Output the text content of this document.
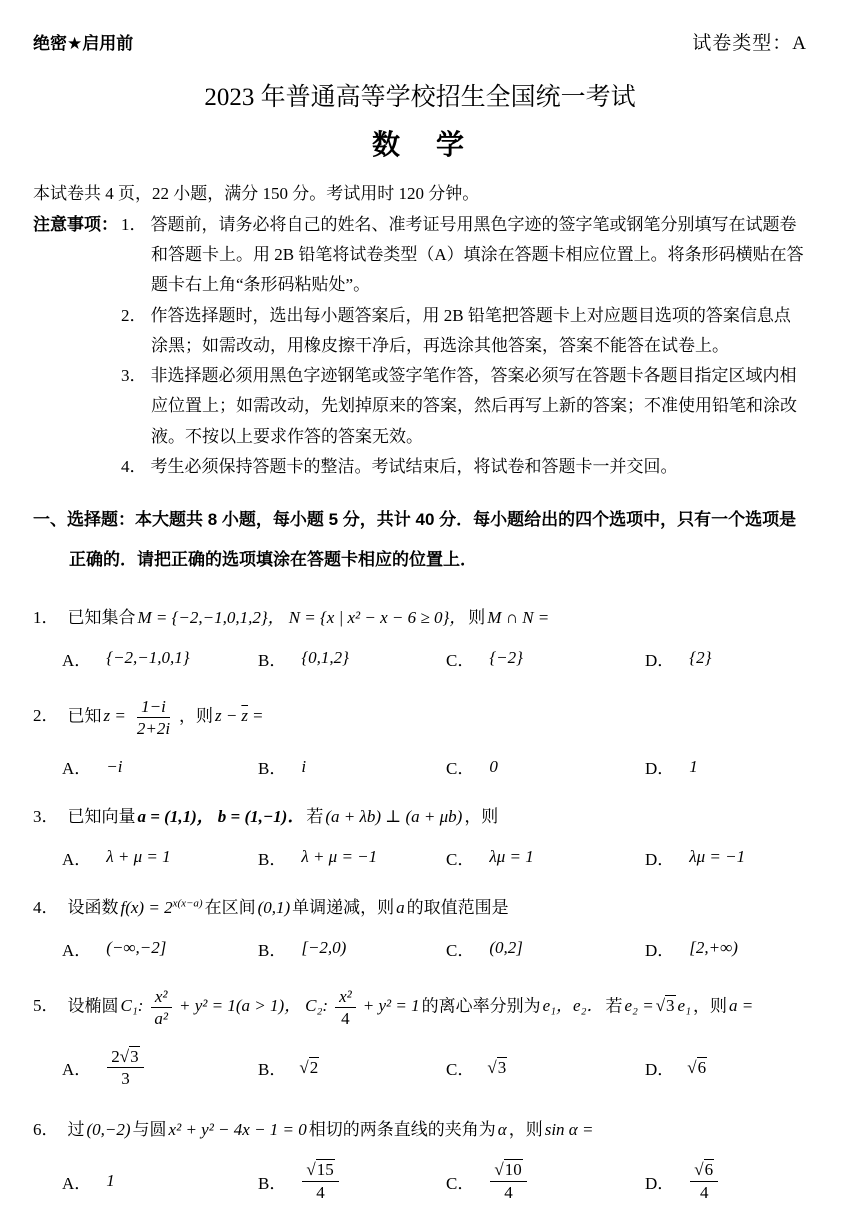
绝密★启用前	试卷类型：A
2023 年普通高等学校招生全国统一考试
数　学
本试卷共 4 页，22 小题，满分 150 分。考试用时 120 分钟。
注意事项： 1． 答题前，请务必将自己的姓名、准考证号用黑色字迹的签字笔或钢笔分别填写在试题卷和答题卡上。用 2B 铅笔将试卷类型（A）填涂在答题卡相应位置上。将条形码横贴在答题卡右上角“条形码粘贴处”。
2． 作答选择题时，选出每小题答案后，用 2B 铅笔把答题卡上对应题目选项的答案信息点涂黑；如需改动，用橡皮擦干净后，再选涂其他答案，答案不能答在试卷上。
3． 非选择题必须用黑色字迹钢笔或签字笔作答，答案必须写在答题卡各题目指定区域内相应位置上；如需改动，先划掉原来的答案，然后再写上新的答案；不准使用铅笔和涂改液。不按以上要求作答的答案无效。
4． 考生必须保持答题卡的整洁。考试结束后，将试卷和答题卡一并交回。
一、选择题：本大题共 8 小题，每小题 5 分，共计 40 分．每小题给出的四个选项中，只有一个选项是正确的．请把正确的选项填涂在答题卡相应的位置上．
1． 已知集合 M = {−2,−1,0,1,2}， N = {x | x² − x − 6 ≥ 0}， 则 M ∩ N =
A． {−2,−1,0,1}	B． {0,1,2}	C． {−2}	D． {2}
2． 已知 $z = \frac{1-i}{2+2i}$ ，则 $z - \overline{z}$ =
A． −i	B． i	C． 0	D． 1
3． 已知向量 a = (1,1)， b = (1,−1)． 若 (a + λb) ⊥ (a + μb) ，则
A． λ + μ = 1	B． λ + μ = −1	C． λμ = 1	D． λμ = −1
4． 设函数 $f(x) = 2^{x(x-a)}$ 在区间 (0,1) 单调递减，则 a 的取值范围是
A． (−∞,−2]	B． [−2,0)	C． (0,2]	D． [2,+∞)
5． 设椭圆 C₁: $\frac{\text{x²}}{\text{a²}} + y^2 = 1(a > 1)$， C₂: $\frac{\text{x²}}{4} + y^2 = 1$ 的离心率分别为 e₁，e₂． 若 e₂ = √ 3 e₁ ，则 a =
A． $\frac{2 √ 3}{3}$	B．	√ 2	C．	√ 3	D．	√ 6
6． 过 (0,−2) 与圆 x² + y² − 4x − 1 = 0 相切的两条直线的夹角为 α ，则 sin α =
A． 1	B． √ $\frac{15}{4}$	C． √ $\frac{10}{4}$	D． √ $\frac{6}{4}$
